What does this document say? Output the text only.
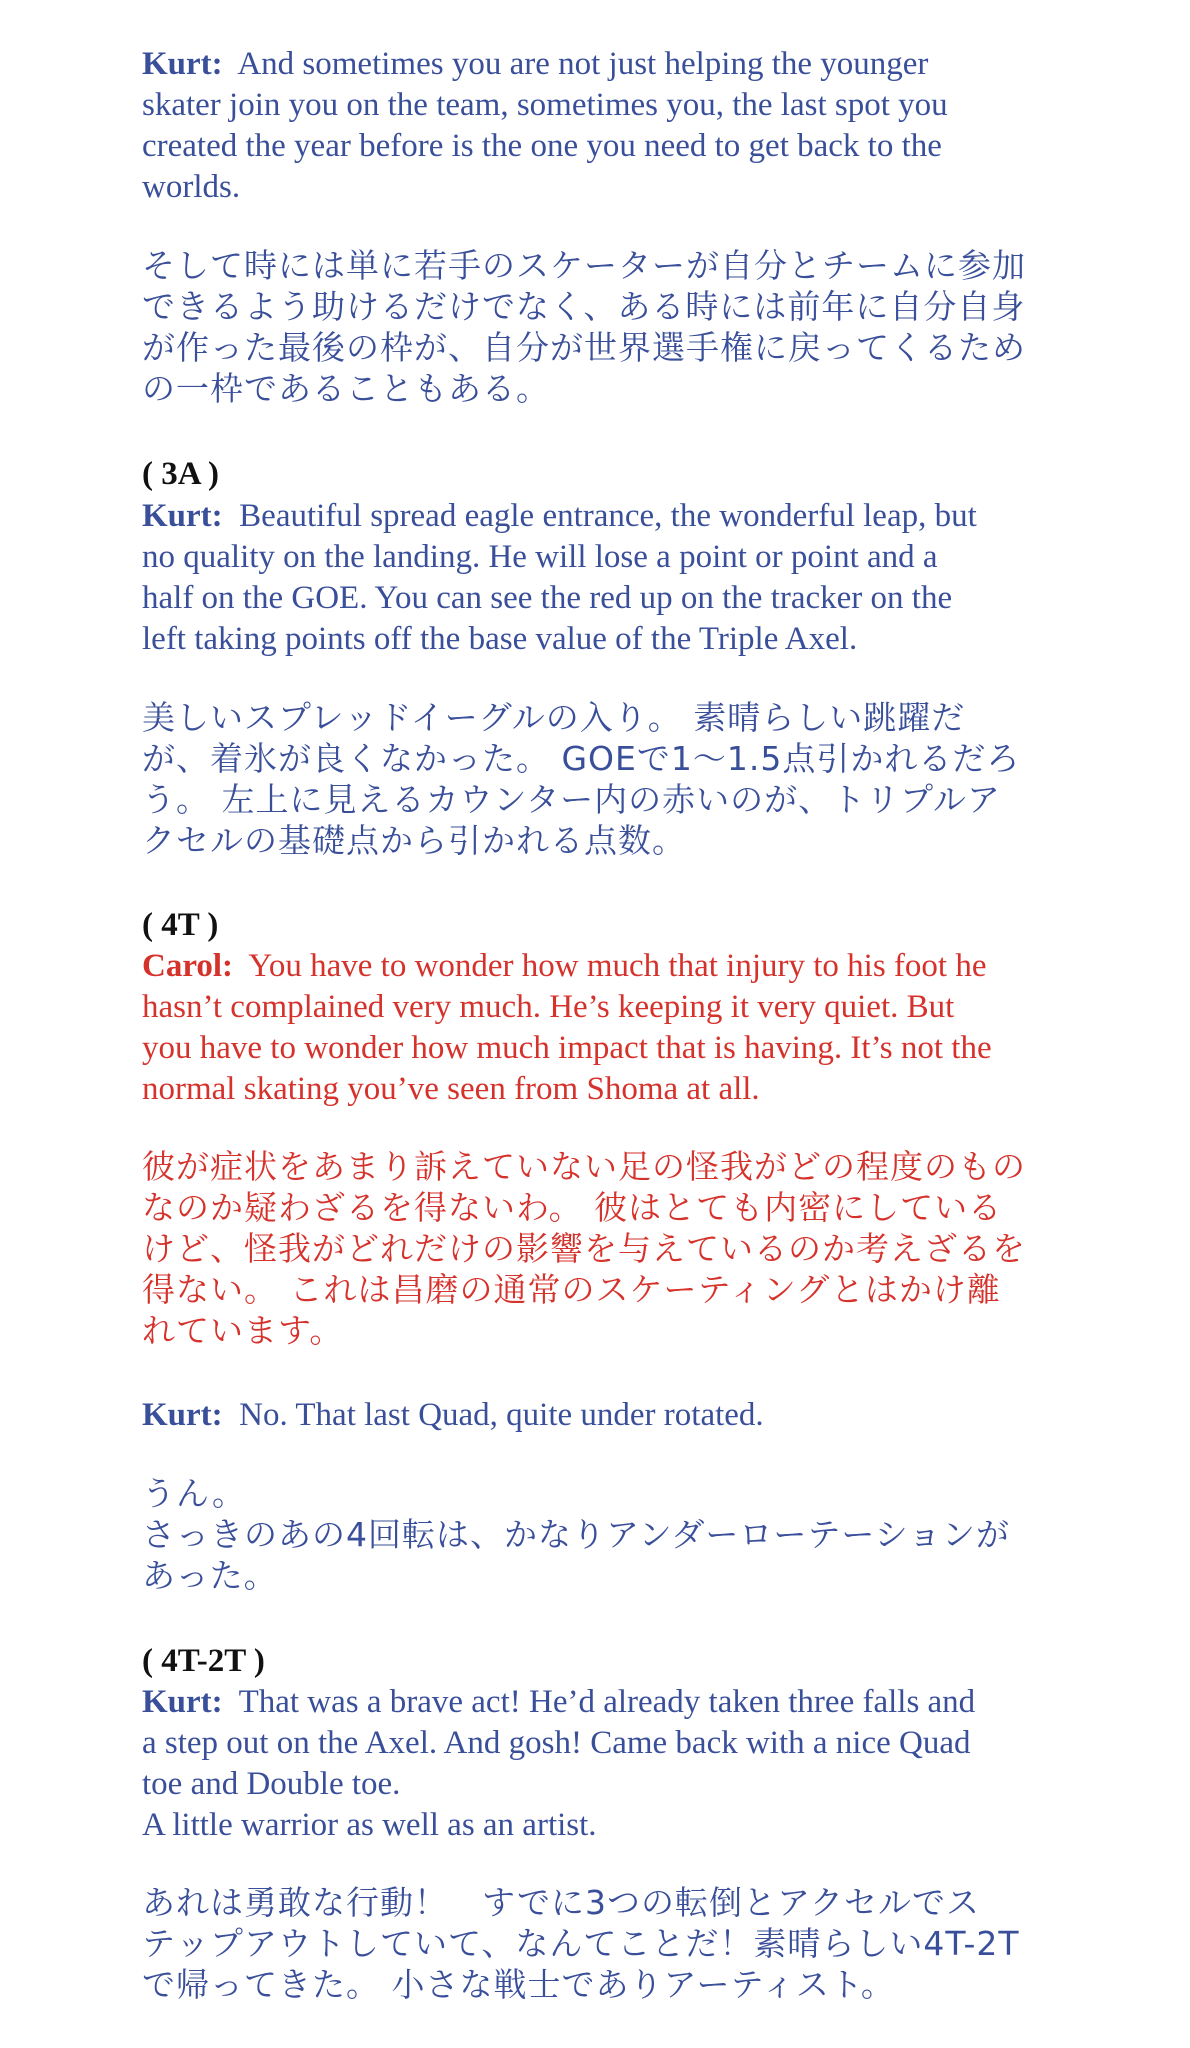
Kurt: And sometimes you are not just helping the younger
skater join you on the team, sometimes you, the last spot you
created the year before is the one you need to get back to the
worlds.
そして時には単に若手のスケーターが自分とチームに参加
できるよう助けるだけでなく、ある時には前年に自分自身
が作った最後の枠が、自分が世界選手権に戻ってくるため
の一枠であることもある。
( 3A )
Kurt: Beautiful spread eagle entrance, the wonderful leap, but
no quality on the landing. He will lose a point or point and a
half on the GOE. You can see the red up on the tracker on the
left taking points off the base value of the Triple Axel.
美しいスプレッドイーグルの入り。 素晴らしい跳躍だ
が、着氷が良くなかった。 GOEで1〜1.5点引かれるだろ
う。 左上に見えるカウンター内の赤いのが、トリプルア
クセルの基礎点から引かれる点数。
( 4T )
Carol: You have to wonder how much that injury to his foot he
hasn’t complained very much. He’s keeping it very quiet. But
you have to wonder how much impact that is having. It’s not the
normal skating you’ve seen from Shoma at all.
彼が症状をあまり訴えていない足の怪我がどの程度のもの
なのか疑わざるを得ないわ。 彼はとても内密にしている
けど、怪我がどれだけの影響を与えているのか考えざるを
得ない。 これは昌磨の通常のスケーティングとはかけ離
れています。
Kurt: No. That last Quad, quite under rotated.
うん。
さっきのあの4回転は、かなりアンダーローテーションが
あった。
( 4T-2T )
Kurt: That was a brave act! He’d already taken three falls and
a step out on the Axel. And gosh! Came back with a nice Quad
toe and Double toe.
A little warrior as well as an artist.
あれは勇敢な行動！　すでに3つの転倒とアクセルでス
テップアウトしていて、なんてことだ！素晴らしい4T-2T
で帰ってきた。 小さな戦士でありアーティスト。
